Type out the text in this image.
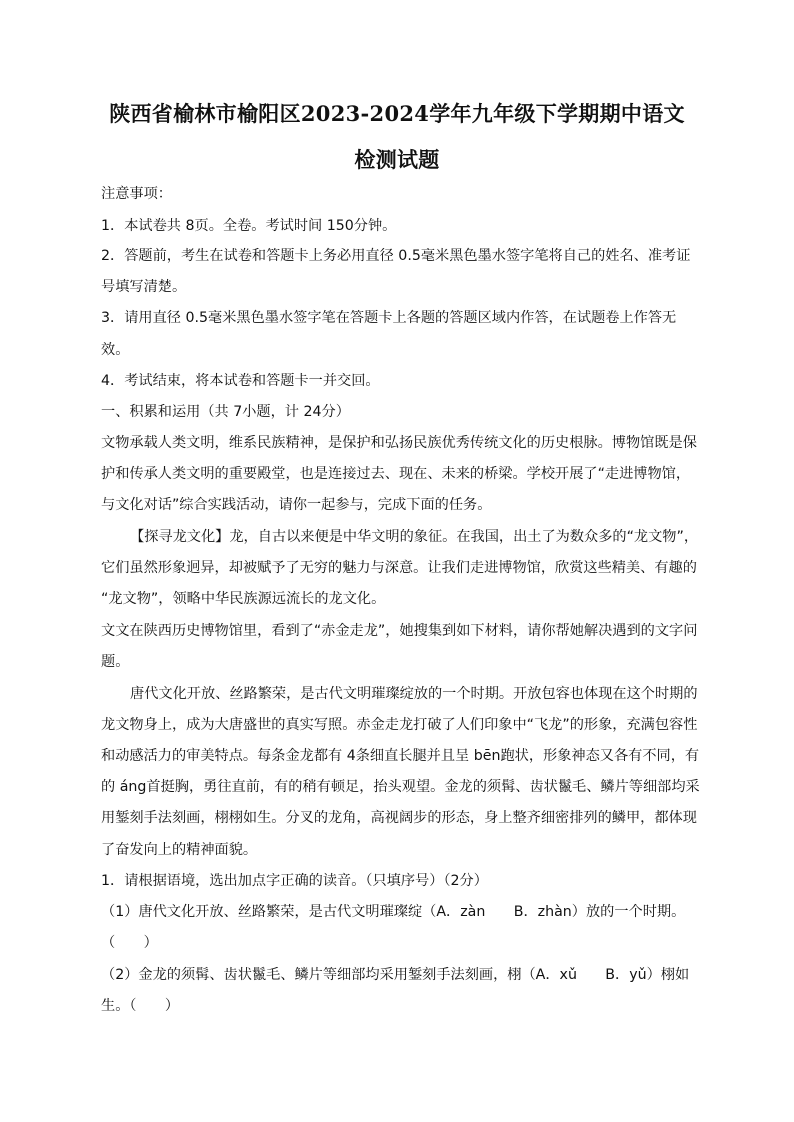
陕西省榆林市榆阳区2023-2024学年九年级下学期期中语文
检测试题
注意事项：
1．本试卷共 8页。全卷。考试时间 150分钟。
2．答题前，考生在试卷和答题卡上务必用直径 0.5毫米黑色墨水签字笔将自己的姓名、准考证
号填写清楚。
3．请用直径 0.5毫米黑色墨水签字笔在答题卡上各题的答题区域内作答，在试题卷上作答无
效。
4．考试结束，将本试卷和答题卡一并交回。
一、积累和运用（共 7小题，计 24分）
文物承载人类文明，维系民族精神，是保护和弘扬民族优秀传统文化的历史根脉。博物馆既是保
护和传承人类文明的重要殿堂，也是连接过去、现在、未来的桥梁。学校开展了“走进博物馆，
与文化对话”综合实践活动，请你一起参与，完成下面的任务。
【探寻龙文化】龙，自古以来便是中华文明的象征。在我国，出土了为数众多的“龙文物”，
它们虽然形象迥异，却被赋予了无穷的魅力与深意。让我们走进博物馆，欣赏这些精美、有趣的
“龙文物”，领略中华民族源远流长的龙文化。
文文在陕西历史博物馆里，看到了“赤金走龙”，她搜集到如下材料，请你帮她解决遇到的文字问
题。
唐代文化开放、丝路繁荣，是古代文明璀璨绽放的一个时期。开放包容也体现在这个时期的
龙文物身上，成为大唐盛世的真实写照。赤金走龙打破了人们印象中“飞龙”的形象，充满包容性
和动感活力的审美特点。每条金龙都有 4条细直长腿并且呈 bēn跑状，形象神态又各有不同，有
的 áng首挺胸，勇往直前，有的稍有顿足，抬头观望。金龙的须髯、齿状鬣毛、鳞片等细部均采
用錾刻手法刻画，栩栩如生。分叉的龙角，高视阔步的形态，身上整齐细密排列的鳞甲，都体现
了奋发向上的精神面貌。
1．请根据语境，选出加点字正确的读音。（只填序号）（2分）
（1）唐代文化开放、丝路繁荣，是古代文明璀璨绽（A．zàn　　B．zhàn）放的一个时期。
（　　）
（2）金龙的须髯、齿状鬣毛、鳞片等细部均采用錾刻手法刻画，栩（A．xǔ　　B．yǔ）栩如
生。（　　）
